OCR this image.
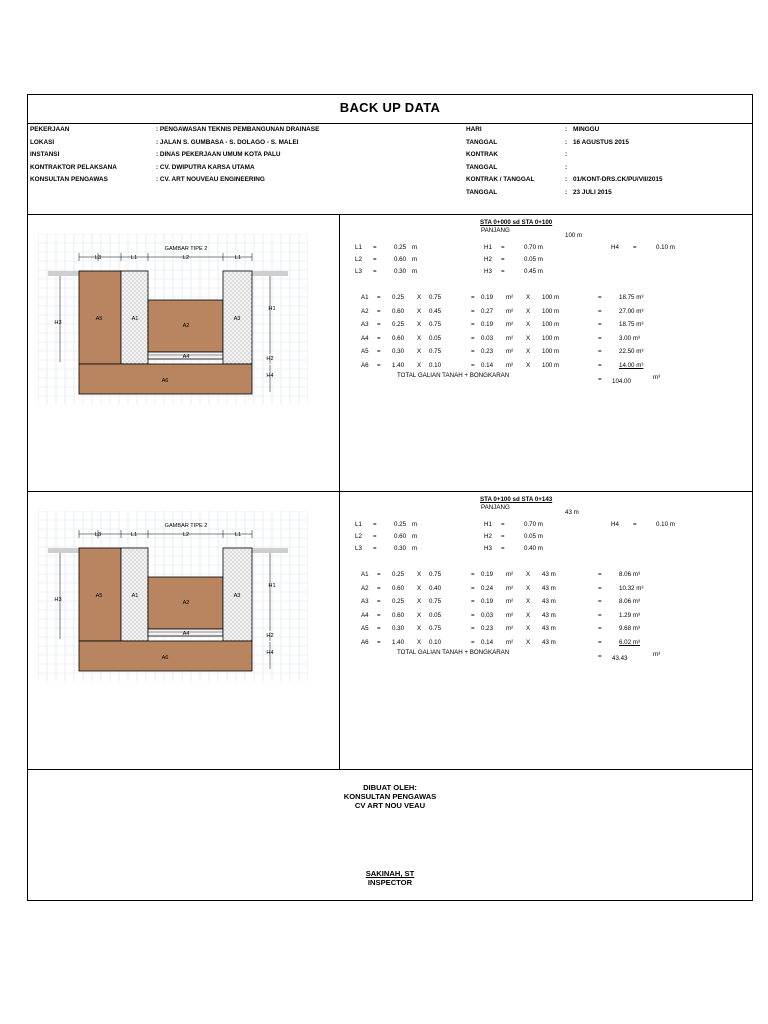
BACK UP DATA
PEKERJAAN	: PENGAWASAN TEKNIS PEMBANGUNAN DRAINASE
LOKASI	: JALAN S. GUMBASA - S. DOLAGO - S. MALEI
INSTANSI	: DINAS PEKERJAAN UMUM KOTA PALU
KONTRAKTOR PELAKSANA	: CV. DWIPUTRA KARSA UTAMA
KONSULTAN PENGAWAS	: CV. ART NOUVEAU ENGINEERING
HARI	: MINGGU
TANGGAL	: 16 AGUSTUS 2015
KONTRAK	:
TANGGAL	:
KONTRAK / TANGGAL	: 01/KONT-DRS.CK/PU/VII/2015
TANGGAL	: 23 JULI 2015
STA 0+000 sd STA 0+100
PANJANG
100 m
L1 =	0.25 m
L2 =	0.60 m
L3 =	0.30 m
H1 =	0.70 m
H2 =	0.05 m
H3 =	0.45 m
H4 =	0.10 m
A1 = 0.25 X 0.75	= 0.19 m² X 100 m	=	18.75 m³
A2 = 0.60 X 0.45	= 0.27 m² X 100 m	=	27.00 m³
A3 = 0.25 X 0.75	= 0.19 m² X 100 m	=	18.75 m³
A4 = 0.60 X 0.05	= 0.03 m² X 100 m	=	3.00 m³
A5 = 0.30 X 0.75	= 0.23 m² X 100 m	=	22.50 m³
A6 = 1.40 X 0.10	= 0.14 m² X 100 m	=	14.00 m³
TOTAL GALIAN TANAH + BONGKARAN
= 104.00
m³
GAMBAR TIPE 2
L3	L1	L2	L1
H3
H1
H2
H4
A5	A1
A2
A3
A4
A6
STA 0+100 sd STA 0+143
PANJANG
43 m
L1 =	0.25 m
L2 =	0.60 m
L3 =	0.30 m
H1 =	0.70 m
H2 =	0.05 m
H3 =	0.40 m
H4 =	0.10 m
A1 = 0.25 X 0.75	= 0.19 m² X 43 m	=	8.06 m³
A2 = 0.60 X 0.40	= 0.24 m² X 43 m	=	10.32 m³
A3 = 0.25 X 0.75	= 0.19 m² X 43 m	=	8.06 m³
A4 = 0.60 X 0.05	= 0.03 m² X 43 m	=	1.29 m³
A5 = 0.30 X 0.75	= 0.23 m² X 43 m	=	9.68 m³
A6 = 1.40 X 0.10	= 0.14 m² X 43 m	=	6.02 m³
TOTAL GALIAN TANAH + BONGKARAN
= 43.43
m³
GAMBAR TIPE 2
L3	L1	L2	L1
H3
H1
H2
H4
A5	A1
A2
A3
A4
A6
DIBUAT OLEH:
KONSULTAN PENGAWAS
CV ART NOU VEAU
SAKINAH, ST
INSPECTOR
